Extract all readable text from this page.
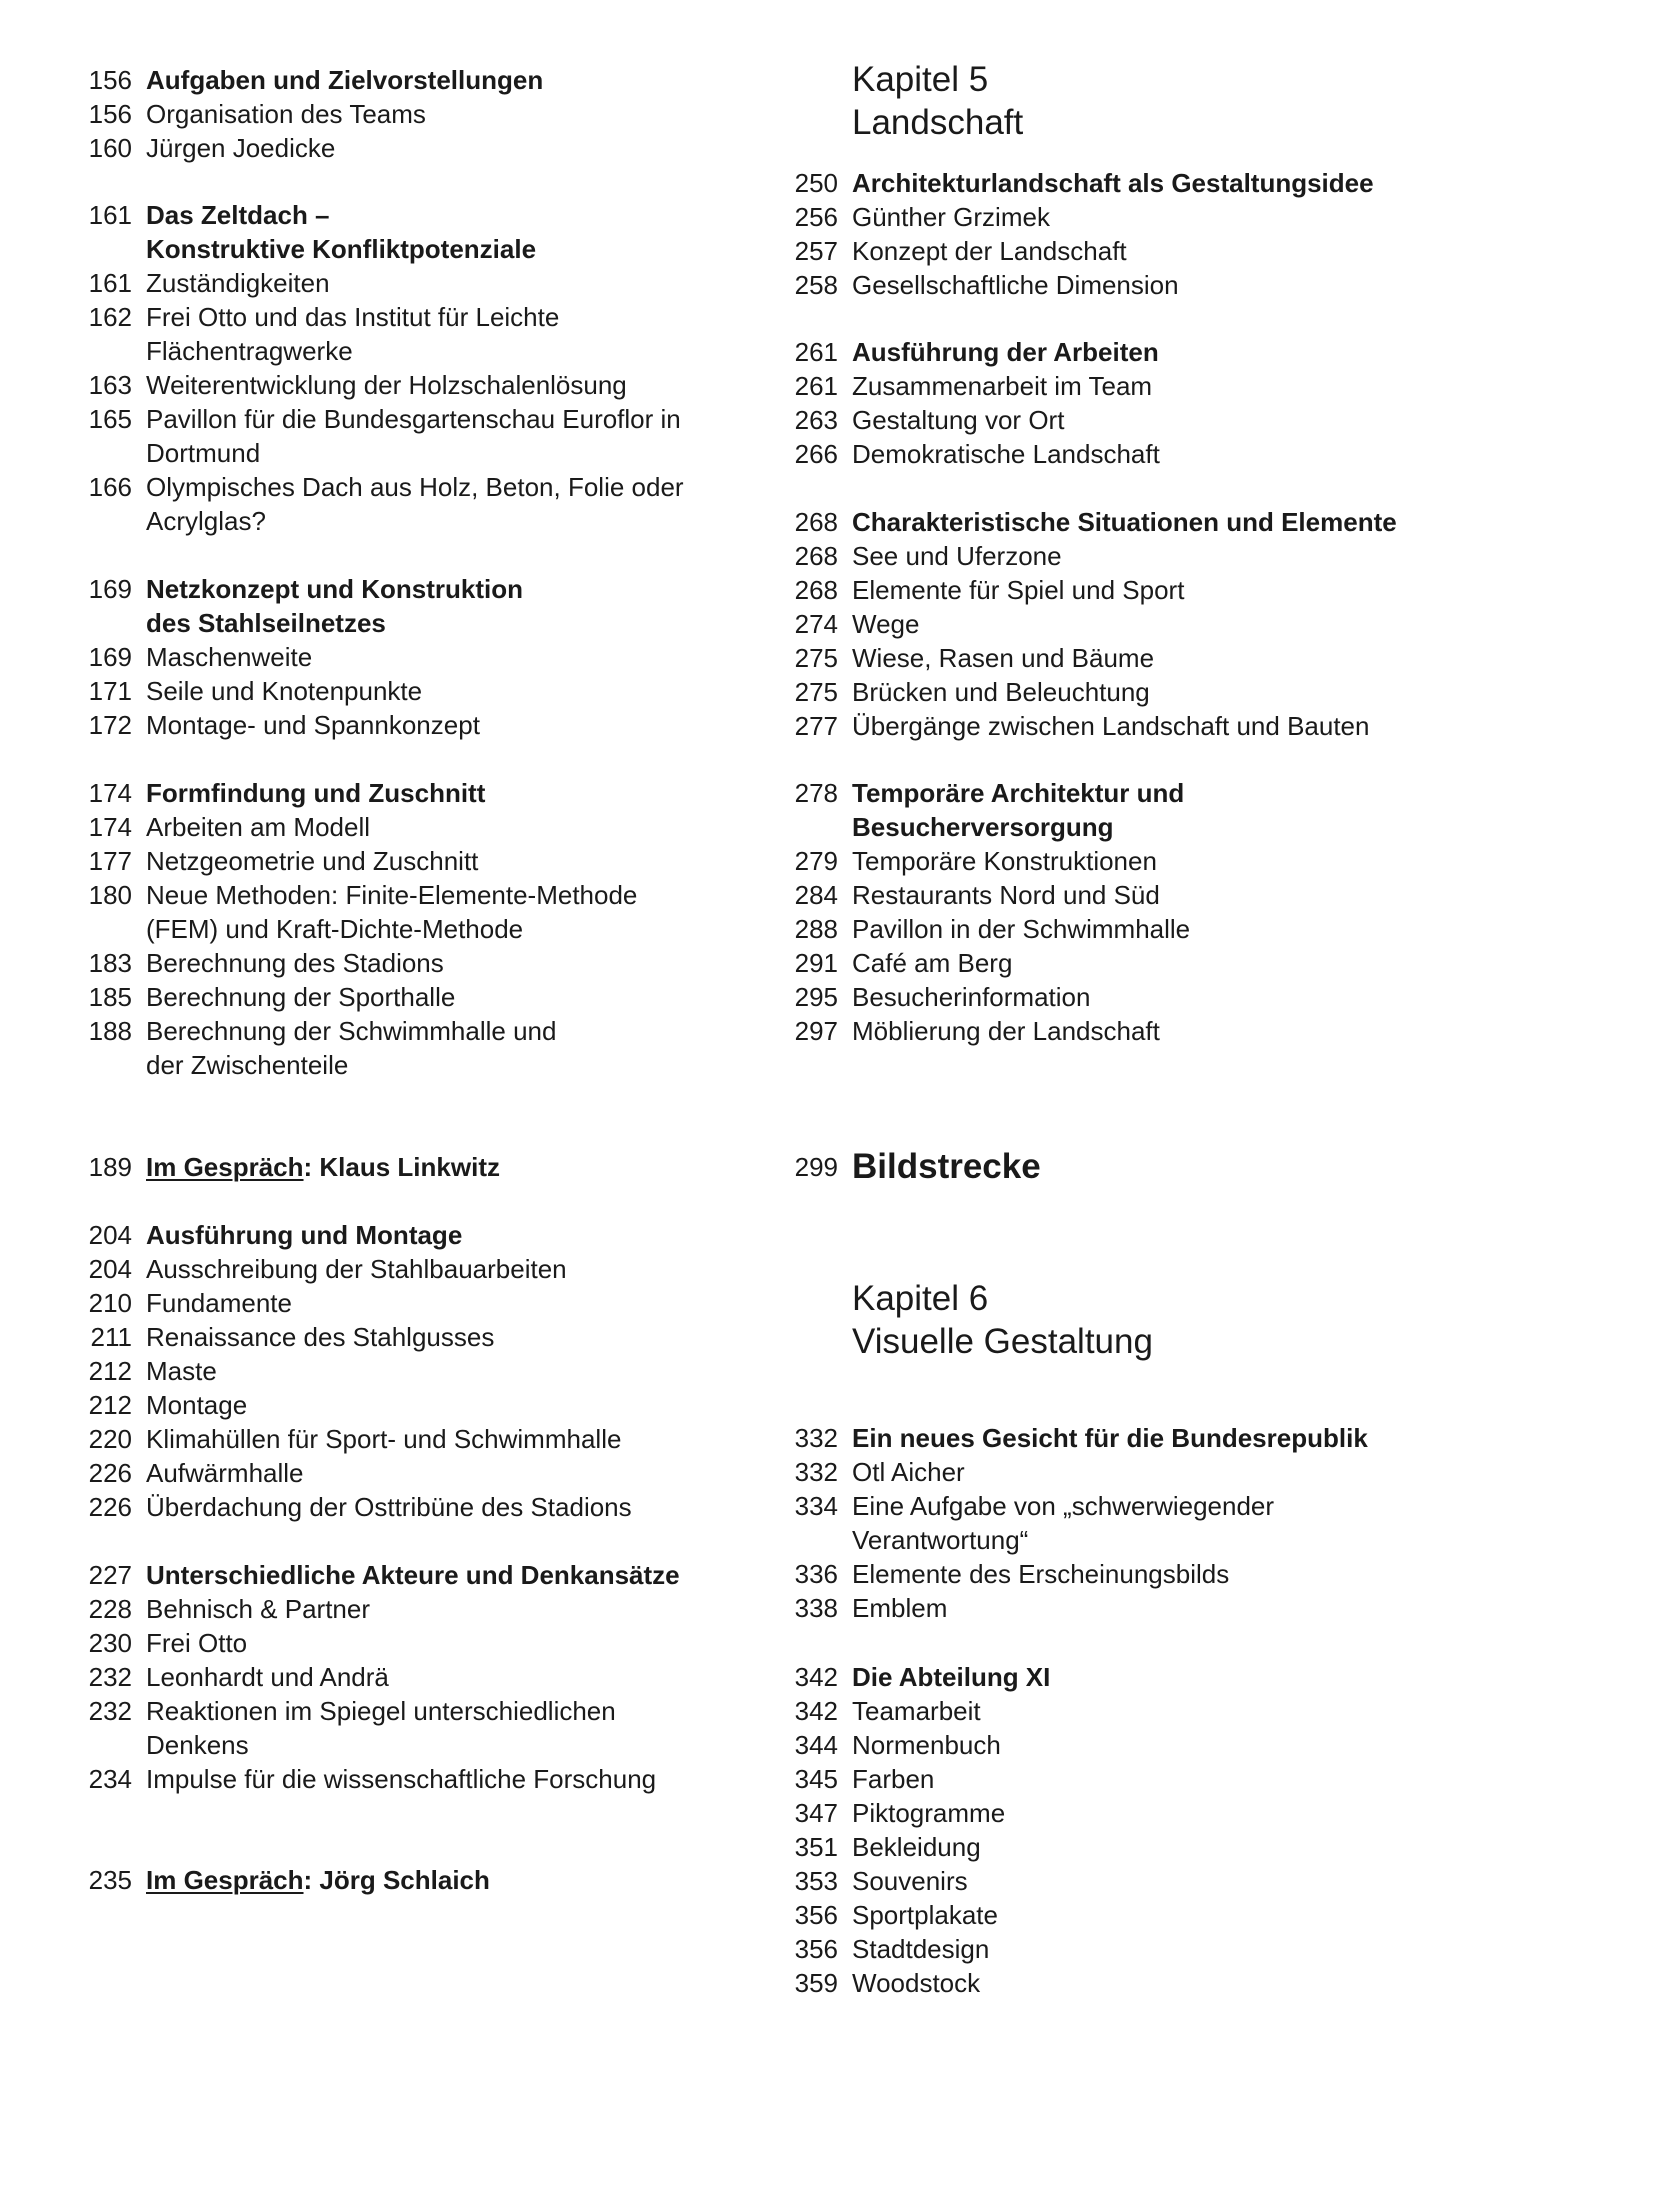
156 Aufgaben und Zielvorstellungen
156 Organisation des Teams
160 Jürgen Joedicke
161 Das Zeltdach –
Konstruktive Konfliktpotenziale
161 Zuständigkeiten
162 Frei Otto und das Institut für Leichte
Flächentragwerke
163 Weiterentwicklung der Holzschalenlösung
165 Pavillon für die Bundesgartenschau Euroflor in
Dortmund
166 Olympisches Dach aus Holz, Beton, Folie oder
Acrylglas?
169 Netzkonzept und Konstruktion
des Stahlseilnetzes
169 Maschenweite
171 Seile und Knotenpunkte
172 Montage- und Spannkonzept
174 Formfindung und Zuschnitt
174 Arbeiten am Modell
177 Netzgeometrie und Zuschnitt
180 Neue Methoden: Finite-Elemente-Methode
(FEM) und Kraft-Dichte-Methode
183 Berechnung des Stadions
185 Berechnung der Sporthalle
188 Berechnung der Schwimmhalle und
der Zwischenteile
189 Im Gespräch: Klaus Linkwitz
204 Ausführung und Montage
204 Ausschreibung der Stahlbauarbeiten
210 Fundamente
211 Renaissance des Stahlgusses
212 Maste
212 Montage
220 Klimahüllen für Sport- und Schwimmhalle
226 Aufwärmhalle
226 Überdachung der Osttribüne des Stadions
227 Unterschiedliche Akteure und Denkansätze
228 Behnisch & Partner
230 Frei Otto
232 Leonhardt und Andrä
232 Reaktionen im Spiegel unterschiedlichen
Denkens
234 Impulse für die wissenschaftliche Forschung
235 Im Gespräch: Jörg Schlaich
Kapitel 5
Landschaft
250 Architekturlandschaft als Gestaltungsidee
256 Günther Grzimek
257 Konzept der Landschaft
258 Gesellschaftliche Dimension
261 Ausführung der Arbeiten
261 Zusammenarbeit im Team
263 Gestaltung vor Ort
266 Demokratische Landschaft
268 Charakteristische Situationen und Elemente
268 See und Uferzone
268 Elemente für Spiel und Sport
274 Wege
275 Wiese, Rasen und Bäume
275 Brücken und Beleuchtung
277 Übergänge zwischen Landschaft und Bauten
278 Temporäre Architektur und
Besucherversorgung
279 Temporäre Konstruktionen
284 Restaurants Nord und Süd
288 Pavillon in der Schwimmhalle
291 Café am Berg
295 Besucherinformation
297 Möblierung der Landschaft
299 Bildstrecke
Kapitel 6
Visuelle Gestaltung
332 Ein neues Gesicht für die Bundesrepublik
332 Otl Aicher
334 Eine Aufgabe von „schwerwiegender
Verantwortung“
336 Elemente des Erscheinungsbilds
338 Emblem
342 Die Abteilung XI
342 Teamarbeit
344 Normenbuch
345 Farben
347 Piktogramme
351 Bekleidung
353 Souvenirs
356 Sportplakate
356 Stadtdesign
359 Woodstock
